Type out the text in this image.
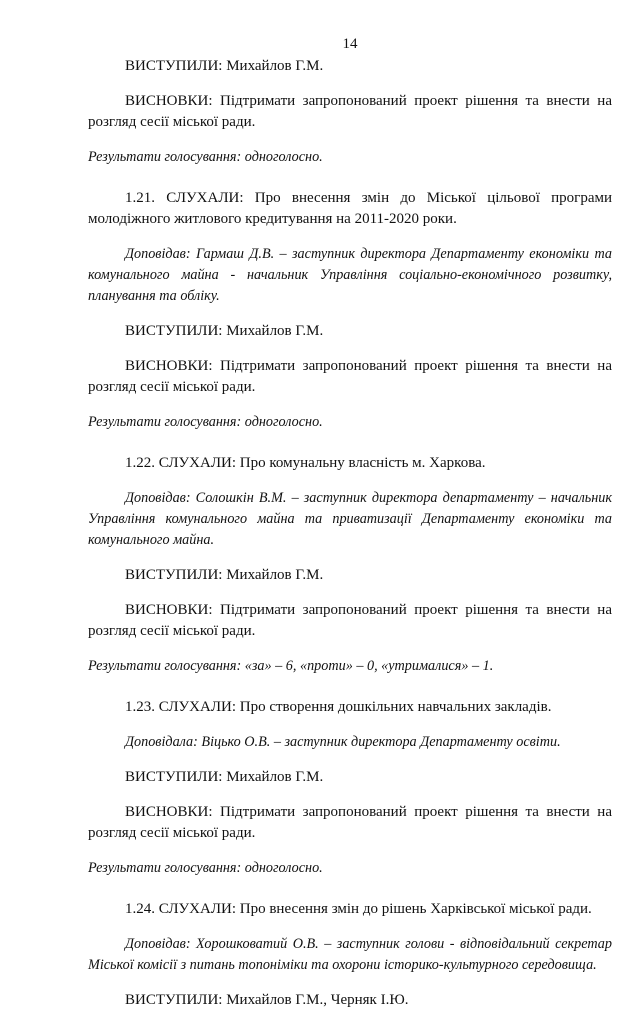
14

ВИСТУПИЛИ: Михайлов Г.М.

ВИСНОВКИ: Підтримати запропонований проект рішення та внести на розгляд сесії міської ради.

Результати голосування: одноголосно.

1.21. СЛУХАЛИ: Про внесення змін до Міської цільової програми молодіжного житлового кредитування на 2011-2020 роки.

Доповідав: Гармаш Д.В. – заступник директора Департаменту економіки та комунального майна - начальник Управління соціально-економічного розвитку, планування та обліку.

ВИСТУПИЛИ: Михайлов Г.М.

ВИСНОВКИ: Підтримати запропонований проект рішення та внести на розгляд сесії міської ради.

Результати голосування: одноголосно.

1.22. СЛУХАЛИ: Про комунальну власність м. Харкова.

Доповідав: Солошкін В.М. – заступник директора департаменту – начальник Управління комунального майна та приватизації Департаменту економіки та комунального майна.

ВИСТУПИЛИ: Михайлов Г.М.

ВИСНОВКИ: Підтримати запропонований проект рішення та внести на розгляд сесії міської ради.

Результати голосування: «за» – 6, «проти» – 0, «утрималися» – 1.

1.23. СЛУХАЛИ: Про створення дошкільних навчальних закладів.

Доповідала: Віцько О.В. – заступник директора Департаменту освіти.

ВИСТУПИЛИ: Михайлов Г.М.

ВИСНОВКИ: Підтримати запропонований проект рішення та внести на розгляд сесії міської ради.

Результати голосування: одноголосно.

1.24. СЛУХАЛИ: Про внесення змін до рішень Харківської міської ради.

Доповідав: Хорошковатий О.В. – заступник голови - відповідальний секретар Міської комісії з питань топоніміки та охорони історико-культурного середовища.

ВИСТУПИЛИ: Михайлов Г.М., Черняк І.Ю.
